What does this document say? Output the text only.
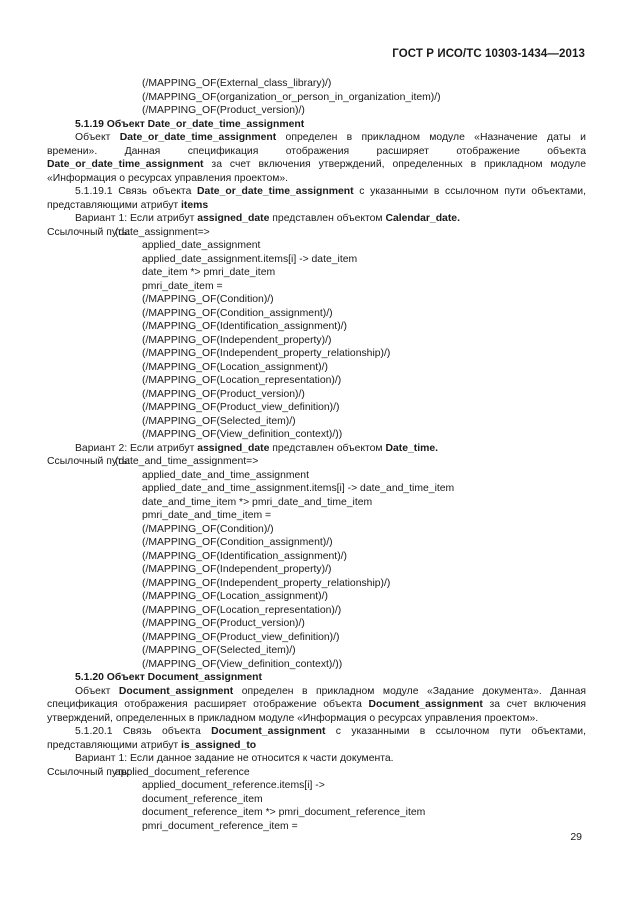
ГОСТ Р ИСО/ТС 10303-1434—2013
(/MAPPING_OF(External_class_library)/)
(/MAPPING_OF(organization_or_person_in_organization_item)/)
(/MAPPING_OF(Product_version)/)
5.1.19 Объект Date_or_date_time_assignment
Объект Date_or_date_time_assignment определен в прикладном модуле «Назначение даты и времени». Данная спецификация отображения расширяет отображение объекта Date_or_date_time_assignment за счет включения утверждений, определенных в прикладном модуле «Информация о ресурсах управления проектом».
5.1.19.1 Связь объекта Date_or_date_time_assignment с указанными в ссылочном пути объектами, представляющими атрибут items
Вариант 1: Если атрибут assigned_date представлен объектом Calendar_date.
Ссылочный путь:
(date_assignment=>
applied_date_assignment
applied_date_assignment.items[i] -> date_item
date_item *> pmri_date_item
pmri_date_item =
(/MAPPING_OF(Condition)/)
(/MAPPING_OF(Condition_assignment)/)
(/MAPPING_OF(Identification_assignment)/)
(/MAPPING_OF(Independent_property)/)
(/MAPPING_OF(Independent_property_relationship)/)
(/MAPPING_OF(Location_assignment)/)
(/MAPPING_OF(Location_representation)/)
(/MAPPING_OF(Product_version)/)
(/MAPPING_OF(Product_view_definition)/)
(/MAPPING_OF(Selected_item)/)
(/MAPPING_OF(View_definition_context)/))
Вариант 2: Если атрибут assigned_date представлен объектом Date_time.
Ссылочный путь:
(date_and_time_assignment=>
applied_date_and_time_assignment
applied_date_and_time_assignment.items[i] -> date_and_time_item
date_and_time_item *> pmri_date_and_time_item
pmri_date_and_time_item =
(/MAPPING_OF(Condition)/)
(/MAPPING_OF(Condition_assignment)/)
(/MAPPING_OF(Identification_assignment)/)
(/MAPPING_OF(Independent_property)/)
(/MAPPING_OF(Independent_property_relationship)/)
(/MAPPING_OF(Location_assignment)/)
(/MAPPING_OF(Location_representation)/)
(/MAPPING_OF(Product_version)/)
(/MAPPING_OF(Product_view_definition)/)
(/MAPPING_OF(Selected_item)/)
(/MAPPING_OF(View_definition_context)/))
5.1.20 Объект Document_assignment
Объект Document_assignment определен в прикладном модуле «Задание документа». Данная спецификация отображения расширяет отображение объекта Document_assignment за счет включения утверждений, определенных в прикладном модуле «Информация о ресурсах управления проектом».
5.1.20.1 Связь объекта Document_assignment с указанными в ссылочном пути объектами, представляющими атрибут is_assigned_to
Вариант 1: Если данное задание не относится к части документа.
Ссылочный путь:
applied_document_reference
applied_document_reference.items[i] ->
document_reference_item
document_reference_item *> pmri_document_reference_item
pmri_document_reference_item =
29
